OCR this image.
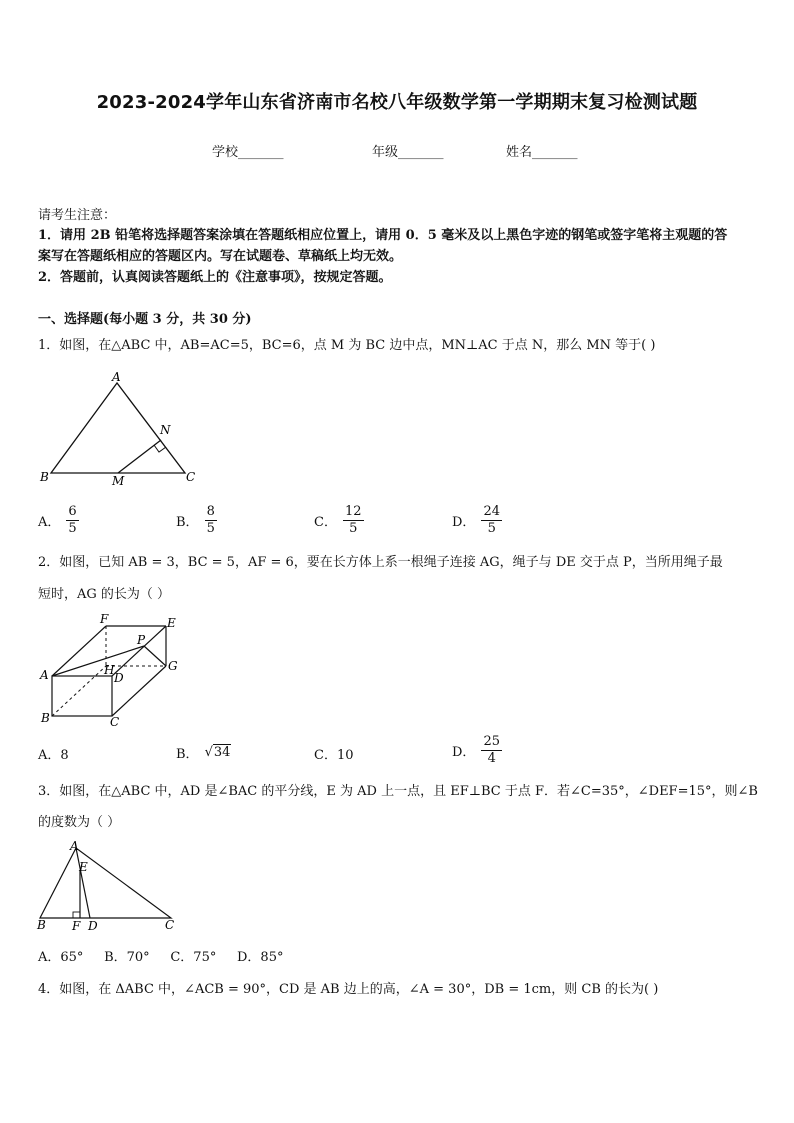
2023-2024学年山东省济南市名校八年级数学第一学期期末复习检测试题
学校_______	年级_______	姓名_______
请考生注意：
1．请用 2B 铅笔将选择题答案涂填在答题纸相应位置上，请用 0．5 毫米及以上黑色字迹的钢笔或签字笔将主观题的答
案写在答题纸相应的答题区内。写在试题卷、草稿纸上均无效。
2．答题前，认真阅读答题纸上的《注意事项》，按规定答题。
一、选择题(每小题 3 分，共 30 分)
1．如图，在△ABC 中，AB=AC=5，BC=6，点 M 为 BC 边中点，MN⊥AC 于点 N，那么 MN 等于( )
A
N
B	M	C
A． $\frac{6}{5}$	B． $\frac{8}{5}$	C． $\frac{12}{5}$	D． $\frac{24}{5}$
2．如图，已知 AB = 3，BC = 5，AF = 6，要在长方体上系一根绳子连接 AG，绳子与 DE 交于点 P，当所用绳子最
短时，AG 的长为（ ）
F	E
P
G
A	H
D
B	C
A．8	B． √34	C．10	D． $\frac{25}{4}$
3．如图，在△ABC 中，AD 是∠BAC 的平分线，E 为 AD 上一点，且 EF⊥BC 于点 F．若∠C=35°，∠DEF=15°，则∠B
的度数为（ ）
A
E
B F D	C
A．65°     B．70°     C．75°     D．85°
4．如图，在 ΔABC 中，∠ACB = 90°，CD 是 AB 边上的高，∠A = 30°，DB = 1cm，则 CB 的长为( )
